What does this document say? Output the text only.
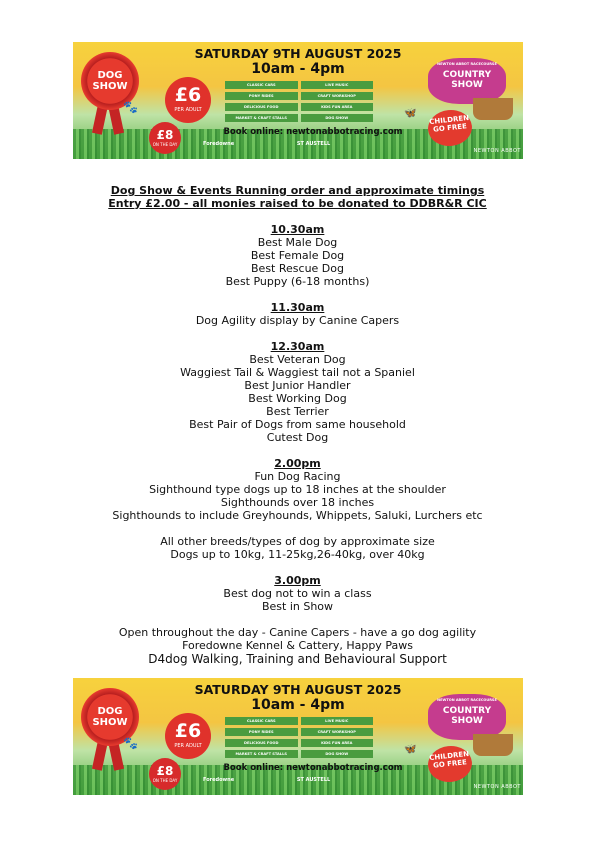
DOG SHOW
🐾
£6
PER ADULT
£8
ON THE DAY
SATURDAY 9TH AUGUST 2025
10am - 4pm
CLASSIC CARS	LIVE MUSIC
PONY RIDES	CRAFT WORKSHOP
DELICIOUS FOOD	KIDS FUN AREA
MARKET & CRAFT STALLS	DOG SHOW
Book online: newtonabbotracing.com
Foredowne	ST AUSTELL
🦋
NEWTON ABBOT RACECOURSE
COUNTRY SHOW
CHILDREN GO FREE
NEWTON ABBOT
Dog Show & Events Running order and approximate timings
Entry £2.00 - all monies raised to be donated to DDBR&R CIC
10.30am
Best Male Dog
Best Female Dog
Best Rescue Dog
Best Puppy (6-18 months)
11.30am
Dog Agility display by Canine Capers
12.30am
Best Veteran Dog
Waggiest Tail & Waggiest tail not a Spaniel
Best Junior Handler
Best Working Dog
Best Terrier
Best Pair of Dogs from same household
Cutest Dog
2.00pm
Fun Dog Racing
Sighthound type dogs up to 18 inches at the shoulder
Sighthounds over 18 inches
Sighthounds to include Greyhounds, Whippets, Saluki, Lurchers etc
All other breeds/types of dog by approximate size
Dogs up to 10kg, 11-25kg,26-40kg, over 40kg
3.00pm
Best dog not to win a class
Best in Show
Open throughout the day - Canine Capers - have a go dog agility
Foredowne Kennel & Cattery, Happy Paws
D4dog Walking, Training and Behavioural Support
DOG SHOW
🐾
£6
PER ADULT
£8
ON THE DAY
SATURDAY 9TH AUGUST 2025
10am - 4pm
CLASSIC CARS	LIVE MUSIC
PONY RIDES	CRAFT WORKSHOP
DELICIOUS FOOD	KIDS FUN AREA
MARKET & CRAFT STALLS	DOG SHOW
Book online: newtonabbotracing.com
Foredowne	ST AUSTELL
🦋
NEWTON ABBOT RACECOURSE
COUNTRY SHOW
CHILDREN GO FREE
NEWTON ABBOT
